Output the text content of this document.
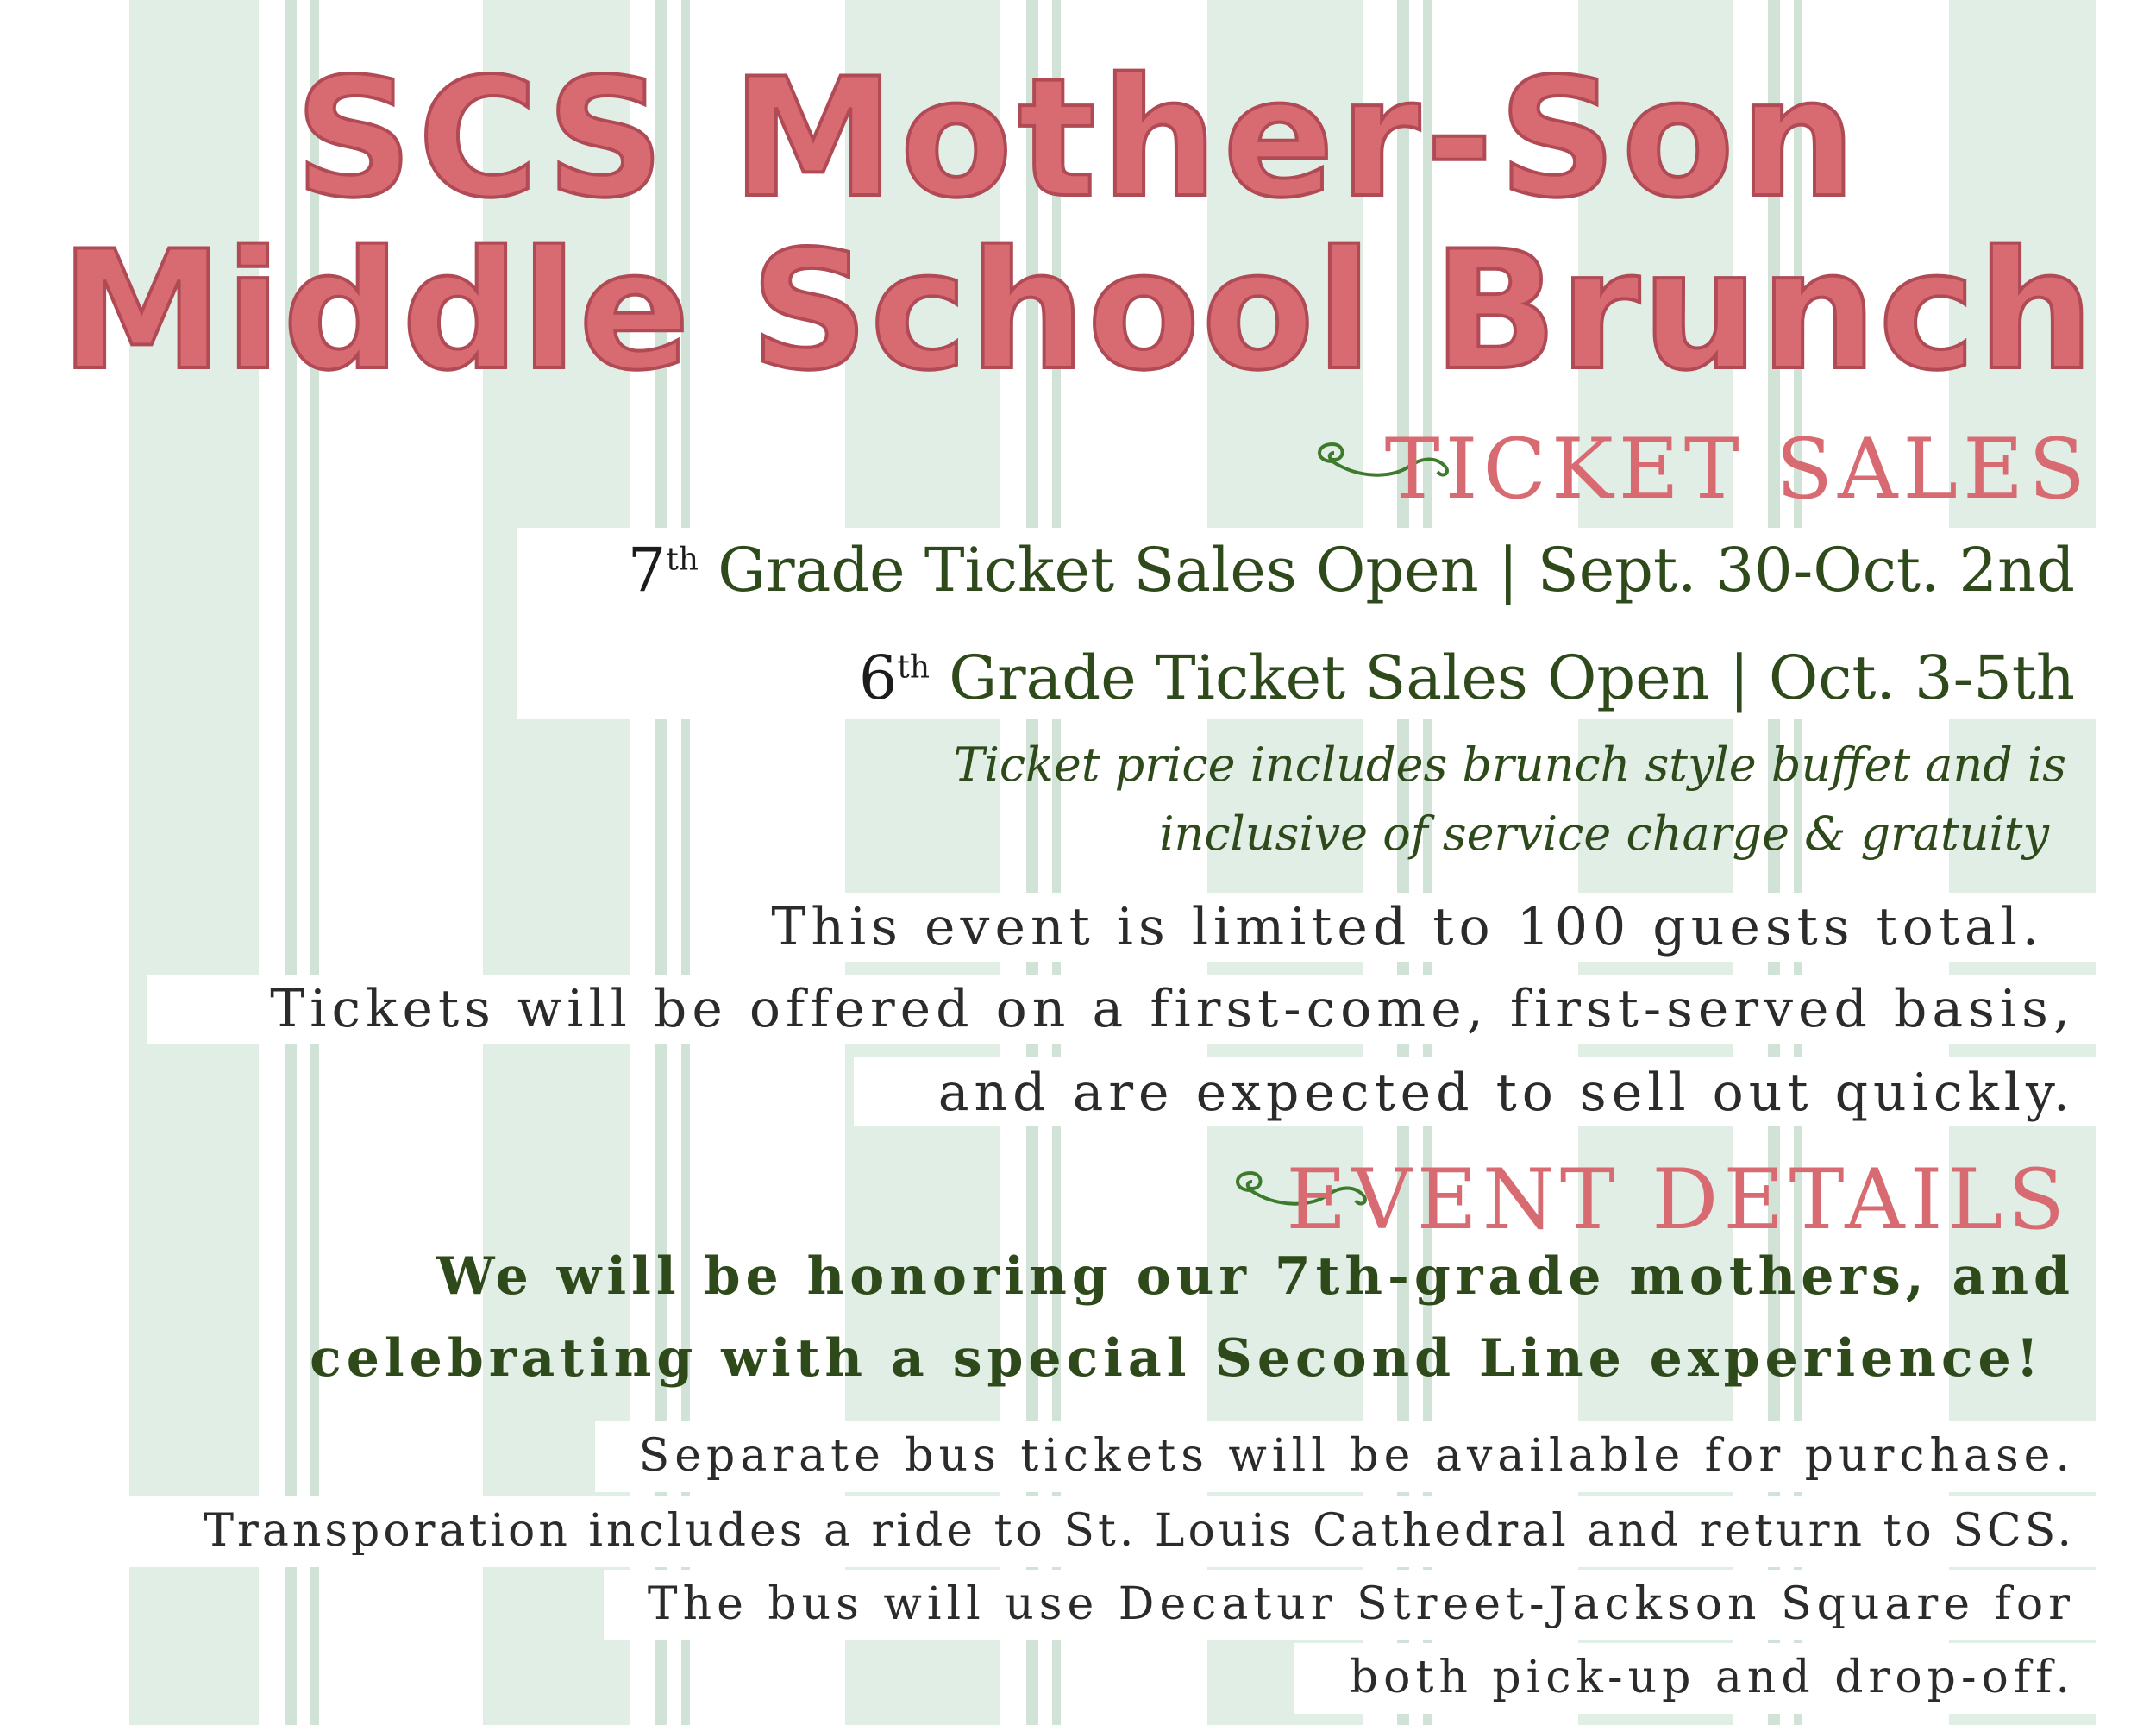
SCS Mother-Son
Middle School Brunch
TICKET SALES
7th Grade Ticket Sales Open | Sept. 30-Oct. 2nd
6th Grade Ticket Sales Open | Oct. 3-5th
Ticket price includes brunch style buffet and is
inclusive of service charge & gratuity
This event is limited to 100 guests total.
Tickets will be offered on a first-come, first-served basis,
and are expected to sell out quickly.
EVENT DETAILS
We will be honoring our 7th-grade mothers, and
celebrating with a special Second Line experience!
Separate bus tickets will be available for purchase.
Transporation includes a ride to St. Louis Cathedral and return to SCS.
The bus will use Decatur Street-Jackson Square for
both pick-up and drop-off.
